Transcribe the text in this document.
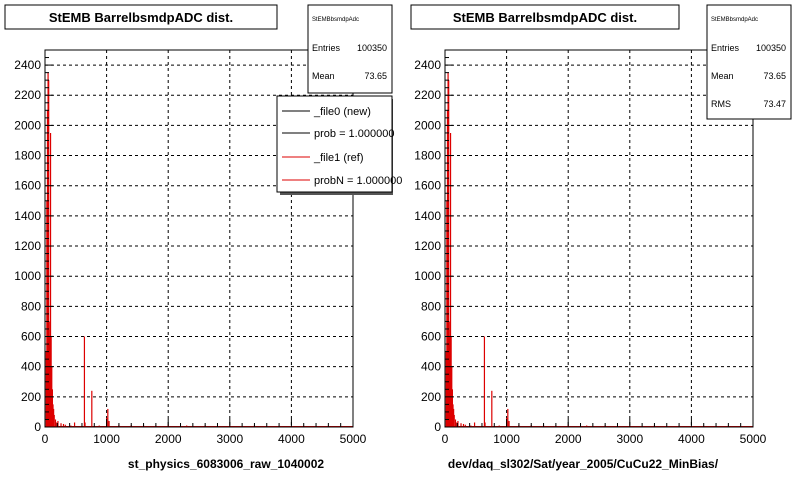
StEMB BarrelbsmdpADC dist.
0	1000	2000	3000	4000	5000
0
200
400
600
800
1000
1200
1400
1600
1800
2000
2200
2400
st_physics_6083006_raw_1040002
StEMBbsmdpAdc
Entries 100350
Mean	73.65
_file0 (new)
prob = 1.000000
_file1 (ref)
probN = 1.000000
StEMB BarrelbsmdpADC dist.
0	1000	2000	3000	4000	5000
0
200
400
600
800
1000
1200
1400
1600
1800
2000
2200
2400
dev/daq_sl302/Sat/year_2005/CuCu22_MinBias/
StEMBbsmdpAdc
Entries 100350
Mean	73.65
RMS	73.47
